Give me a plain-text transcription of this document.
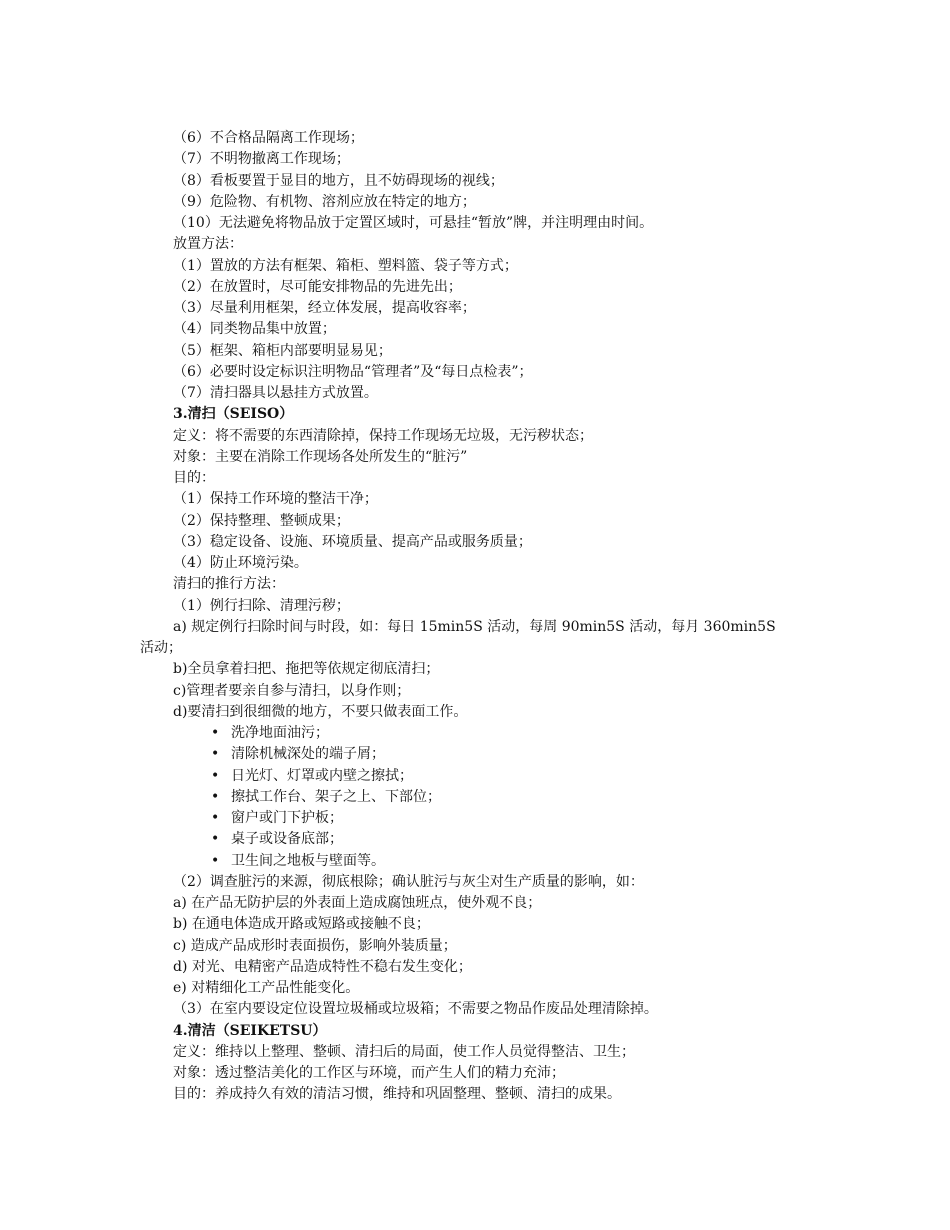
（6）不合格品隔离工作现场；
（7）不明物撤离工作现场；
（8）看板要置于显目的地方，且不妨碍现场的视线；
（9）危险物、有机物、溶剂应放在特定的地方；
（10）无法避免将物品放于定置区域时，可悬挂“暂放”牌，并注明理由时间。
放置方法：
（1）置放的方法有框架、箱柜、塑料篮、袋子等方式；
（2）在放置时，尽可能安排物品的先进先出；
（3）尽量利用框架，经立体发展，提高收容率；
（4）同类物品集中放置；
（5）框架、箱柜内部要明显易见；
（6）必要时设定标识注明物品“管理者”及“每日点检表”；
（7）清扫器具以悬挂方式放置。
3.清扫（SEISO）
定义：将不需要的东西清除掉，保持工作现场无垃圾，无污秽状态；
对象：主要在消除工作现场各处所发生的“脏污”
目的：
（1）保持工作环境的整洁干净；
（2）保持整理、整顿成果；
（3）稳定设备、设施、环境质量、提高产品或服务质量；
（4）防止环境污染。
清扫的推行方法：
（1）例行扫除、清理污秽；
a) 规定例行扫除时间与时段，如：每日 15min5S 活动，每周 90min5S 活动，每月 360min5S
活动；
b)全员拿着扫把、拖把等依规定彻底清扫；
c)管理者要亲自参与清扫，以身作则；
d)要清扫到很细微的地方，不要只做表面工作。
• 洗净地面油污；
• 清除机械深处的端子屑；
• 日光灯、灯罩或内壁之擦拭；
• 擦拭工作台、架子之上、下部位；
• 窗户或门下护板；
• 桌子或设备底部；
• 卫生间之地板与壁面等。
（2）调查脏污的来源，彻底根除；确认脏污与灰尘对生产质量的影响，如：
a) 在产品无防护层的外表面上造成腐蚀班点，使外观不良；
b) 在通电体造成开路或短路或接触不良；
c) 造成产品成形时表面损伤，影响外装质量；
d) 对光、电精密产品造成特性不稳右发生变化；
e) 对精细化工产品性能变化。
（3）在室内要设定位设置垃圾桶或垃圾箱；不需要之物品作废品处理清除掉。
4.清洁（SEIKETSU）
定义：维持以上整理、整顿、清扫后的局面，使工作人员觉得整洁、卫生；
对象：透过整洁美化的工作区与环境，而产生人们的精力充沛；
目的：养成持久有效的清洁习惯，维持和巩固整理、整顿、清扫的成果。
